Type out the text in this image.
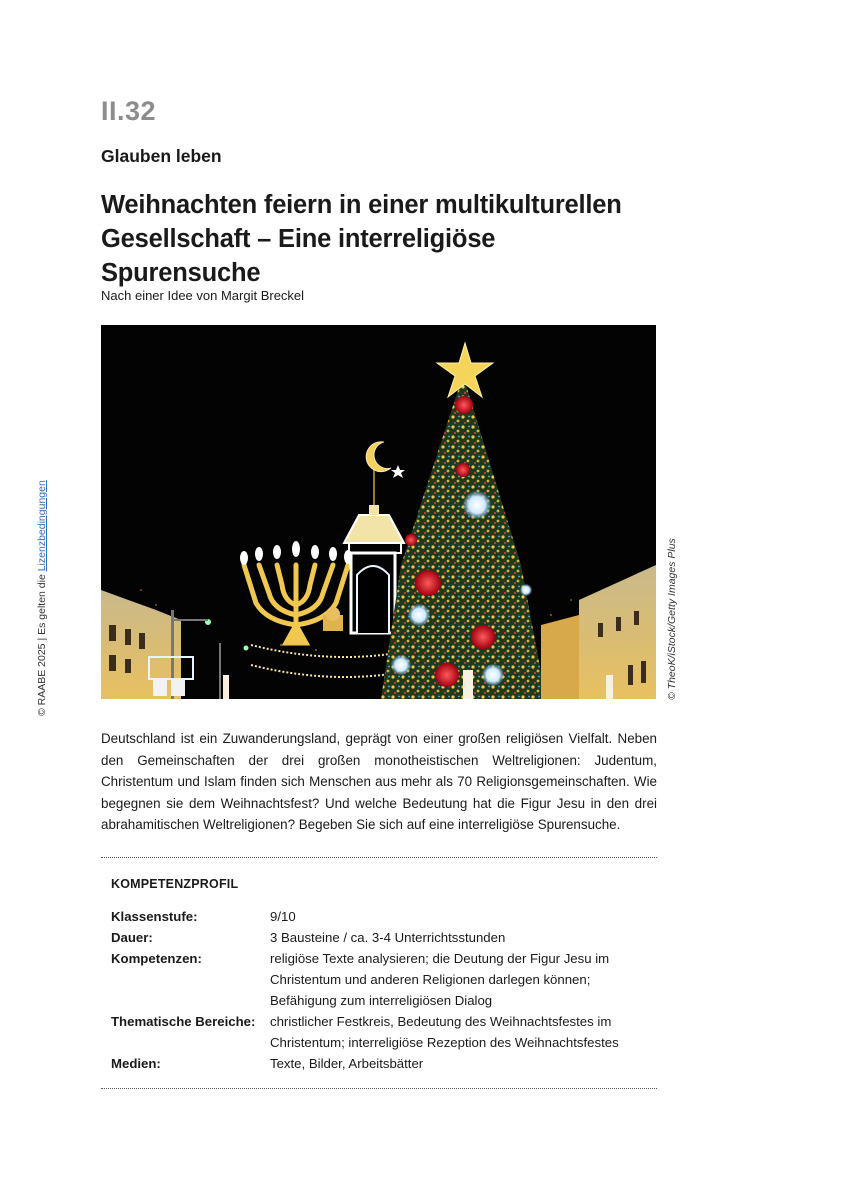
II.32
Glauben leben
Weihnachten feiern in einer multikulturellen
Gesellschaft – Eine interreligiöse Spurensuche
Nach einer Idee von Margit Breckel
© RAABE 2025 | Es gelten die Lizenzbedingungen
© TheoK/iStock/Getty Images Plus
Deutschland ist ein Zuwanderungsland, geprägt von einer großen religiösen Vielfalt. Neben den Gemeinschaften der drei großen monotheistischen Weltreligionen: Judentum, Christentum und Islam finden sich Menschen aus mehr als 70 Religionsgemeinschaften. Wie begegnen sie dem Weihnachtsfest? Und welche Bedeutung hat die Figur Jesu in den drei abrahamitischen Weltreligionen? Begeben Sie sich auf eine interreligiöse Spurensuche.
KOMPETENZPROFIL
Klassenstufe:	9/10
Dauer:	3 Bausteine / ca. 3-4 Unterrichtsstunden
Kompetenzen:	religiöse Texte analysieren; die Deutung der Figur Jesu im Christentum und anderen Religionen darlegen können; Befähigung zum interreligiösen Dialog
Thematische Bereiche:	christlicher Festkreis, Bedeutung des Weihnachtsfestes im Christentum; interreligiöse Rezeption des Weihnachtsfestes
Medien:	Texte, Bilder, Arbeitsbätter
